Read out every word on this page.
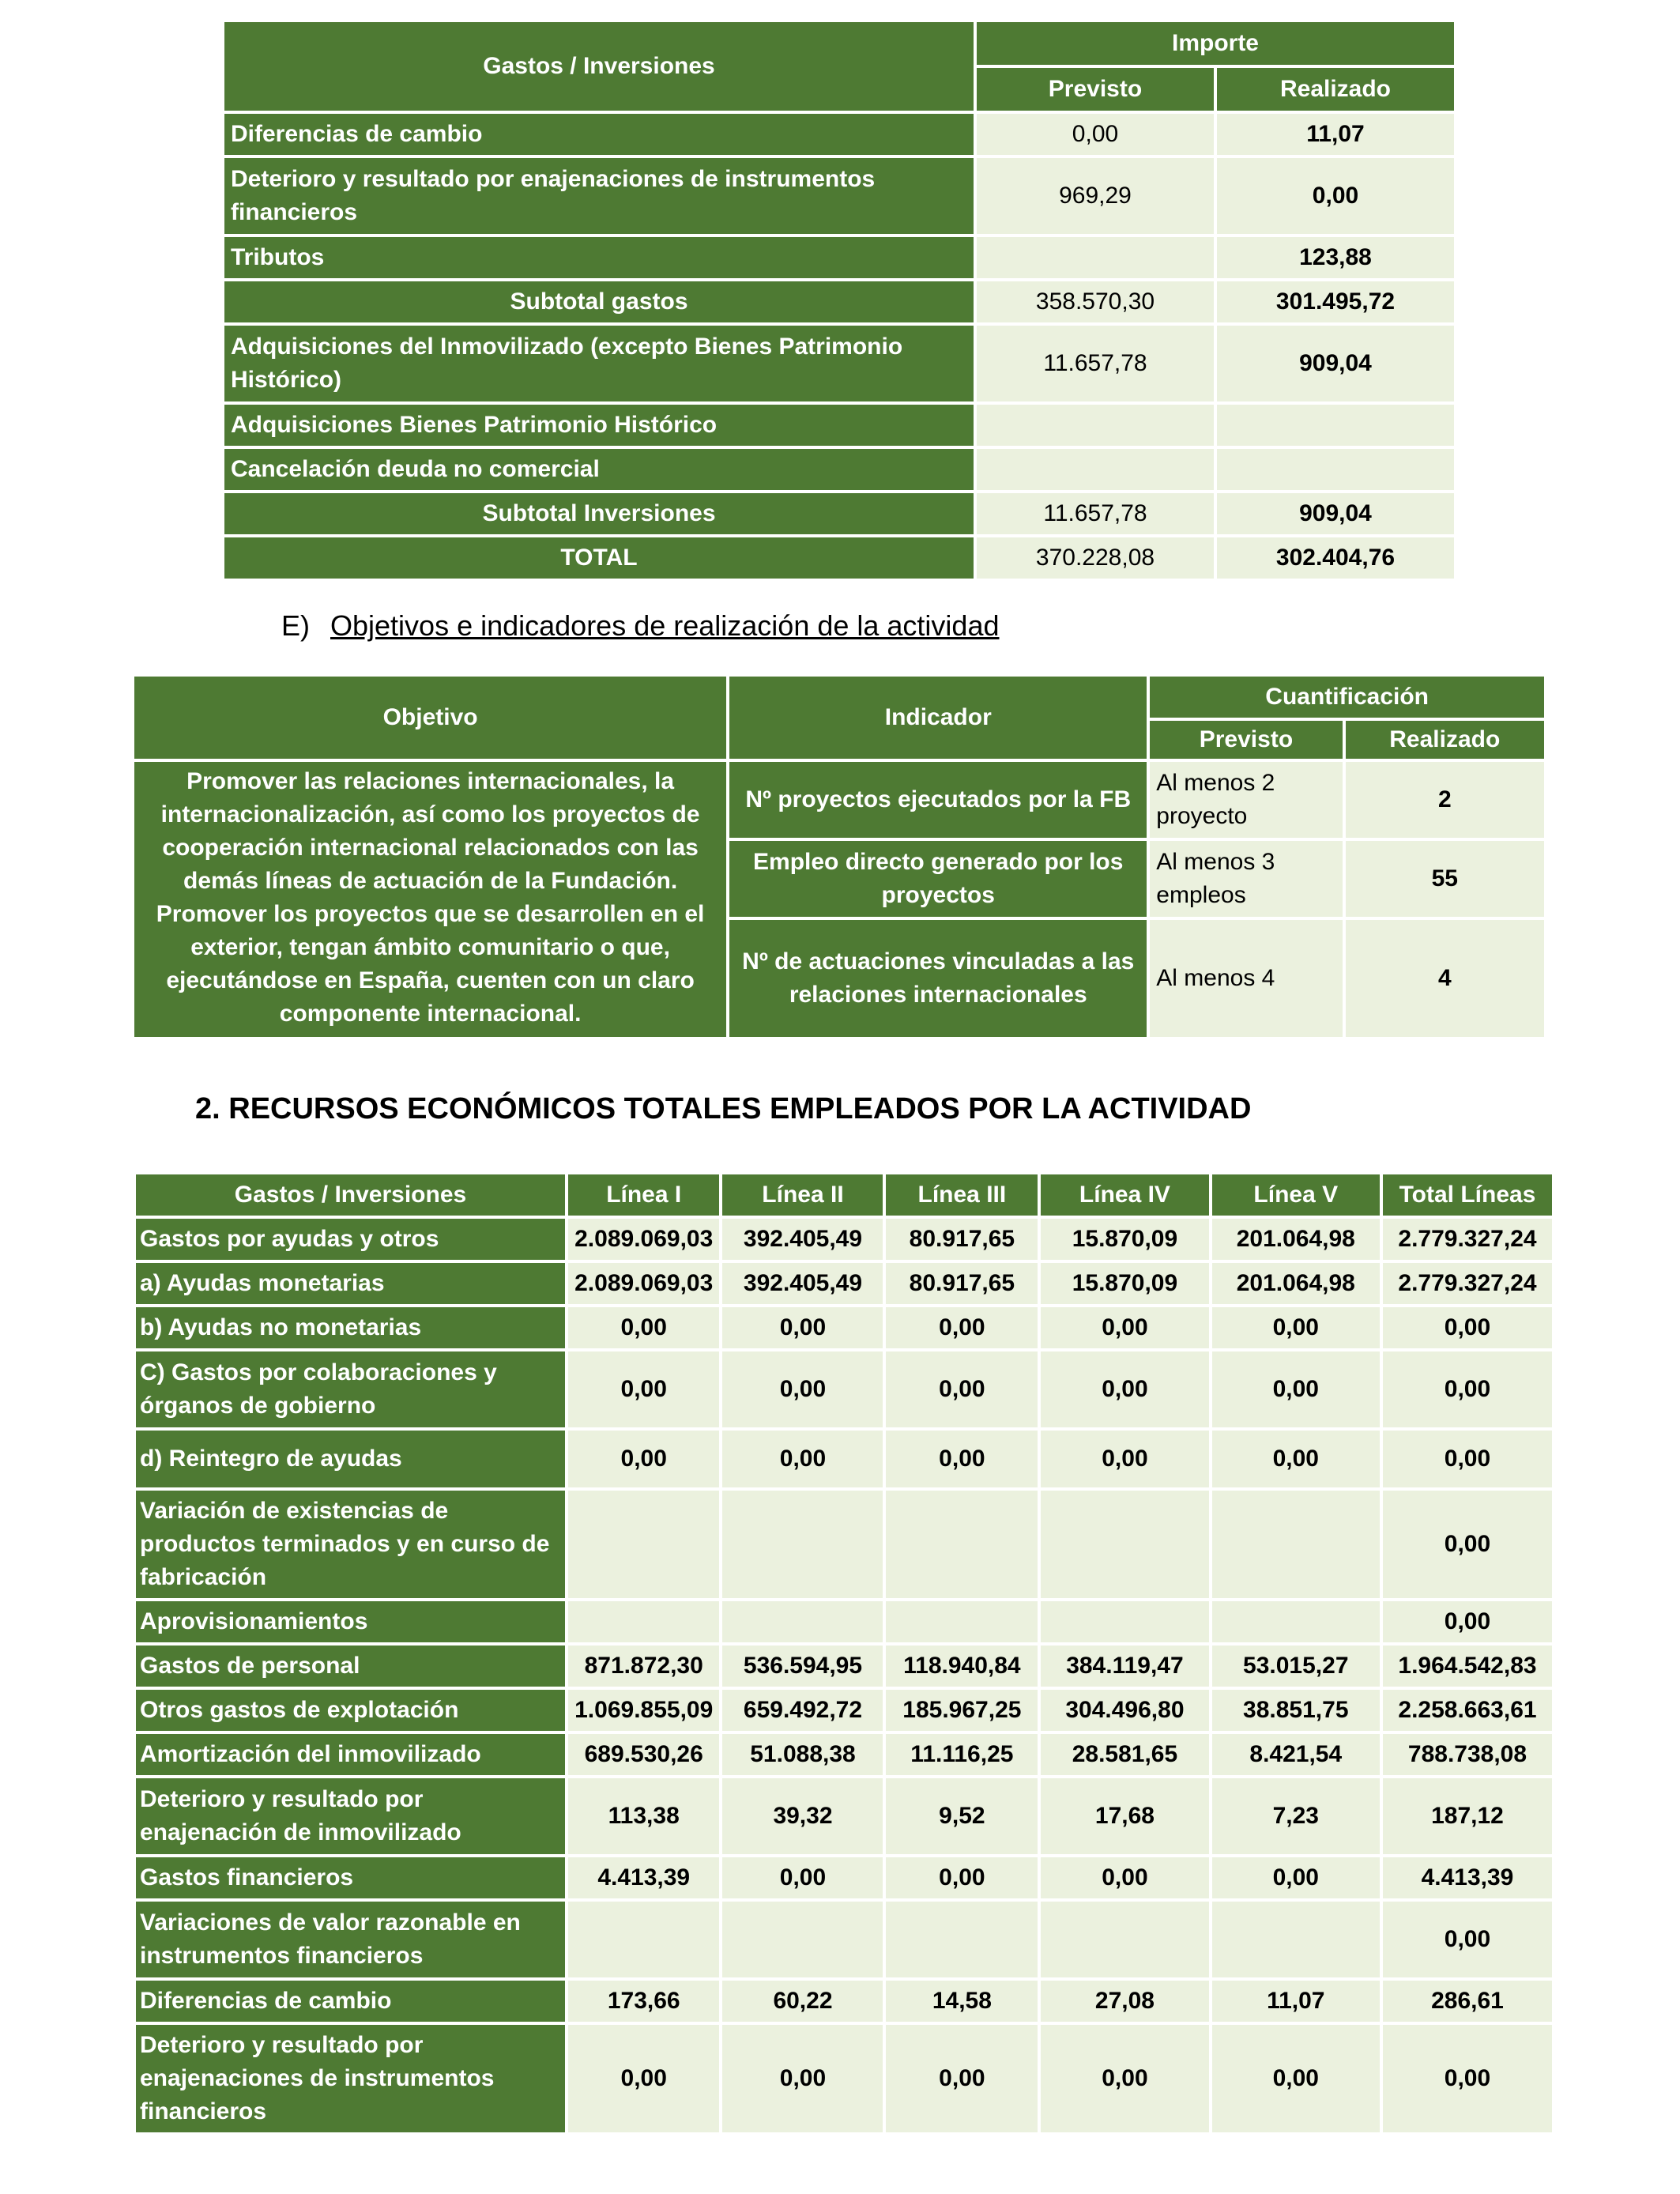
Gastos / Inversiones	Importe	
	Previsto	Realizado
Diferencias de cambio	0,00	11,07
Deterioro y resultado por enajenaciones de instrumentos financieros	969,29	0,00
Tributos		123,88
Subtotal gastos	358.570,30	301.495,72
Adquisiciones del Inmovilizado (excepto Bienes Patrimonio Histórico)	11.657,78	909,04
Adquisiciones Bienes Patrimonio Histórico		
Cancelación deuda no comercial		
Subtotal Inversiones	11.657,78	909,04
TOTAL	370.228,08	302.404,76
E) Objetivos e indicadores de realización de la actividad
Objetivo	Indicador	Cuantificación	
		Previsto	Realizado
Promover las relaciones internacionales, la internacionalización, así como los proyectos de cooperación internacional relacionados con las demás líneas de actuación de la Fundación. Promover los proyectos que se desarrollen en el exterior, tengan ámbito comunitario o que, ejecutándose en España, cuenten con un claro componente internacional.	Nº proyectos ejecutados por la FB	Al menos 2 proyecto	2
	Empleo directo generado por los proyectos	Al menos 3 empleos	55
	Nº de actuaciones vinculadas a las relaciones internacionales	Al menos 4	4
2. RECURSOS ECONÓMICOS TOTALES EMPLEADOS POR LA ACTIVIDAD
Gastos / Inversiones	Línea I	Línea II	Línea III	Línea IV	Línea V	Total Líneas
Gastos por ayudas y otros	2.089.069,03	392.405,49	80.917,65	15.870,09	201.064,98	2.779.327,24
a) Ayudas monetarias	2.089.069,03	392.405,49	80.917,65	15.870,09	201.064,98	2.779.327,24
b) Ayudas no monetarias	0,00	0,00	0,00	0,00	0,00	0,00
C) Gastos por colaboraciones y órganos de gobierno	0,00	0,00	0,00	0,00	0,00	0,00
d) Reintegro de ayudas	0,00	0,00	0,00	0,00	0,00	0,00
Variación de existencias de productos terminados y en curso de fabricación						0,00
Aprovisionamientos						0,00
Gastos de personal	871.872,30	536.594,95	118.940,84	384.119,47	53.015,27	1.964.542,83
Otros gastos de explotación	1.069.855,09	659.492,72	185.967,25	304.496,80	38.851,75	2.258.663,61
Amortización del inmovilizado	689.530,26	51.088,38	11.116,25	28.581,65	8.421,54	788.738,08
Deterioro y resultado por enajenación de inmovilizado	113,38	39,32	9,52	17,68	7,23	187,12
Gastos financieros	4.413,39	0,00	0,00	0,00	0,00	4.413,39
Variaciones de valor razonable en instrumentos financieros						0,00
Diferencias de cambio	173,66	60,22	14,58	27,08	11,07	286,61
Deterioro y resultado por enajenaciones de instrumentos financieros	0,00	0,00	0,00	0,00	0,00	0,00
